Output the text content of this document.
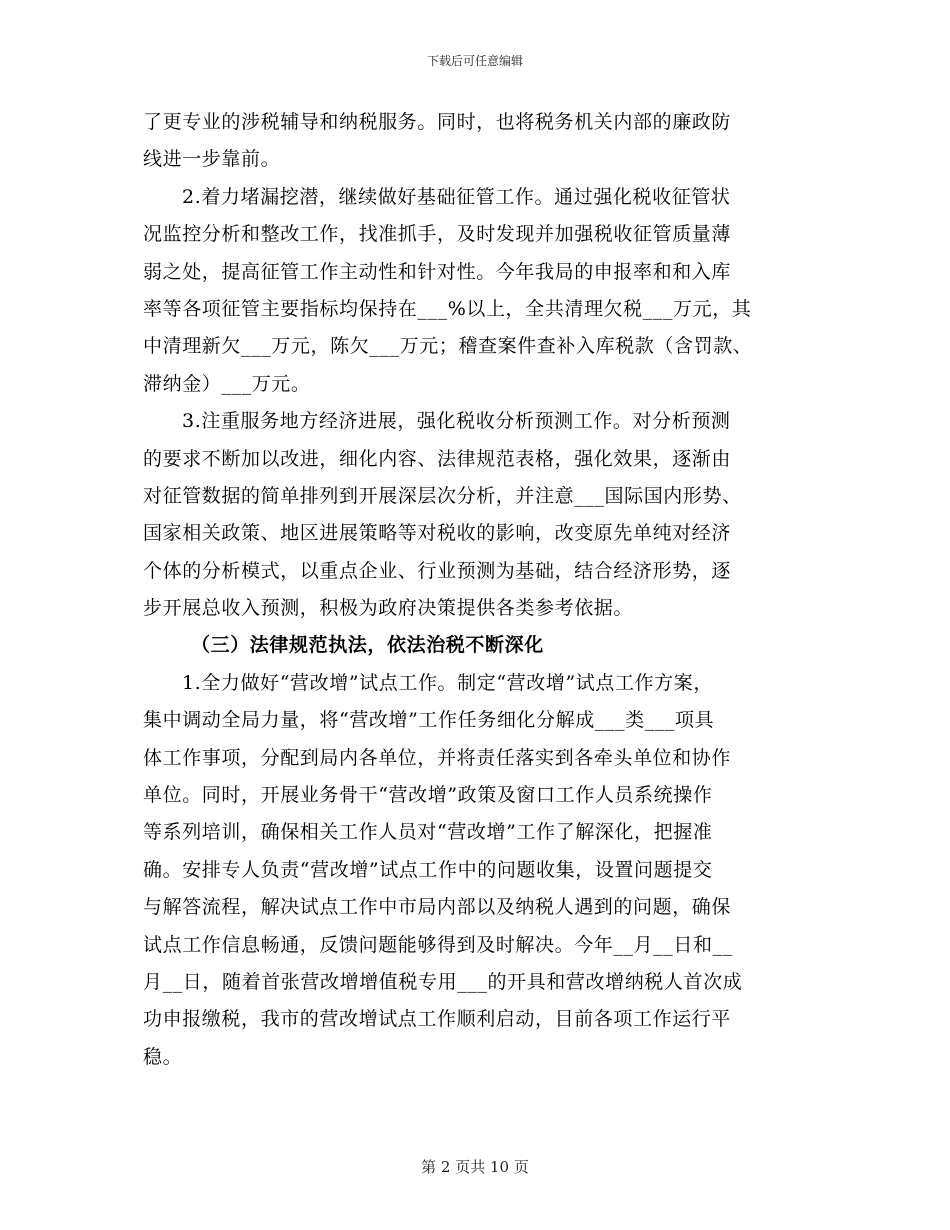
下载后可任意编辑
了更专业的涉税辅导和纳税服务。同时，也将税务机关内部的廉政防
线进一步靠前。
2.着力堵漏挖潜，继续做好基础征管工作。通过强化税收征管状
况监控分析和整改工作，找准抓手，及时发现并加强税收征管质量薄
弱之处，提高征管工作主动性和针对性。今年我局的申报率和和入库
率等各项征管主要指标均保持在___%以上，全共清理欠税___万元，其
中清理新欠___万元，陈欠___万元；稽查案件查补入库税款（含罚款、
滞纳金）___万元。
3.注重服务地方经济进展，强化税收分析预测工作。对分析预测
的要求不断加以改进，细化内容、法律规范表格，强化效果，逐渐由
对征管数据的简单排列到开展深层次分析，并注意___国际国内形势、
国家相关政策、地区进展策略等对税收的影响，改变原先单纯对经济
个体的分析模式，以重点企业、行业预测为基础，结合经济形势，逐
步开展总收入预测，积极为政府决策提供各类参考依据。
（三）法律规范执法，依法治税不断深化
1.全力做好“营改增”试点工作。制定“营改增”试点工作方案，
集中调动全局力量，将“营改增”工作任务细化分解成___类___项具
体工作事项，分配到局内各单位，并将责任落实到各牵头单位和协作
单位。同时，开展业务骨干“营改增”政策及窗口工作人员系统操作
等系列培训，确保相关工作人员对“营改增”工作了解深化，把握准
确。安排专人负责“营改增”试点工作中的问题收集，设置问题提交
与解答流程，解决试点工作中市局内部以及纳税人遇到的问题，确保
试点工作信息畅通，反馈问题能够得到及时解决。今年__月__日和__
月__日，随着首张营改增增值税专用___的开具和营改增纳税人首次成
功申报缴税，我市的营改增试点工作顺利启动，目前各项工作运行平
稳。
第 2 页共 10 页
